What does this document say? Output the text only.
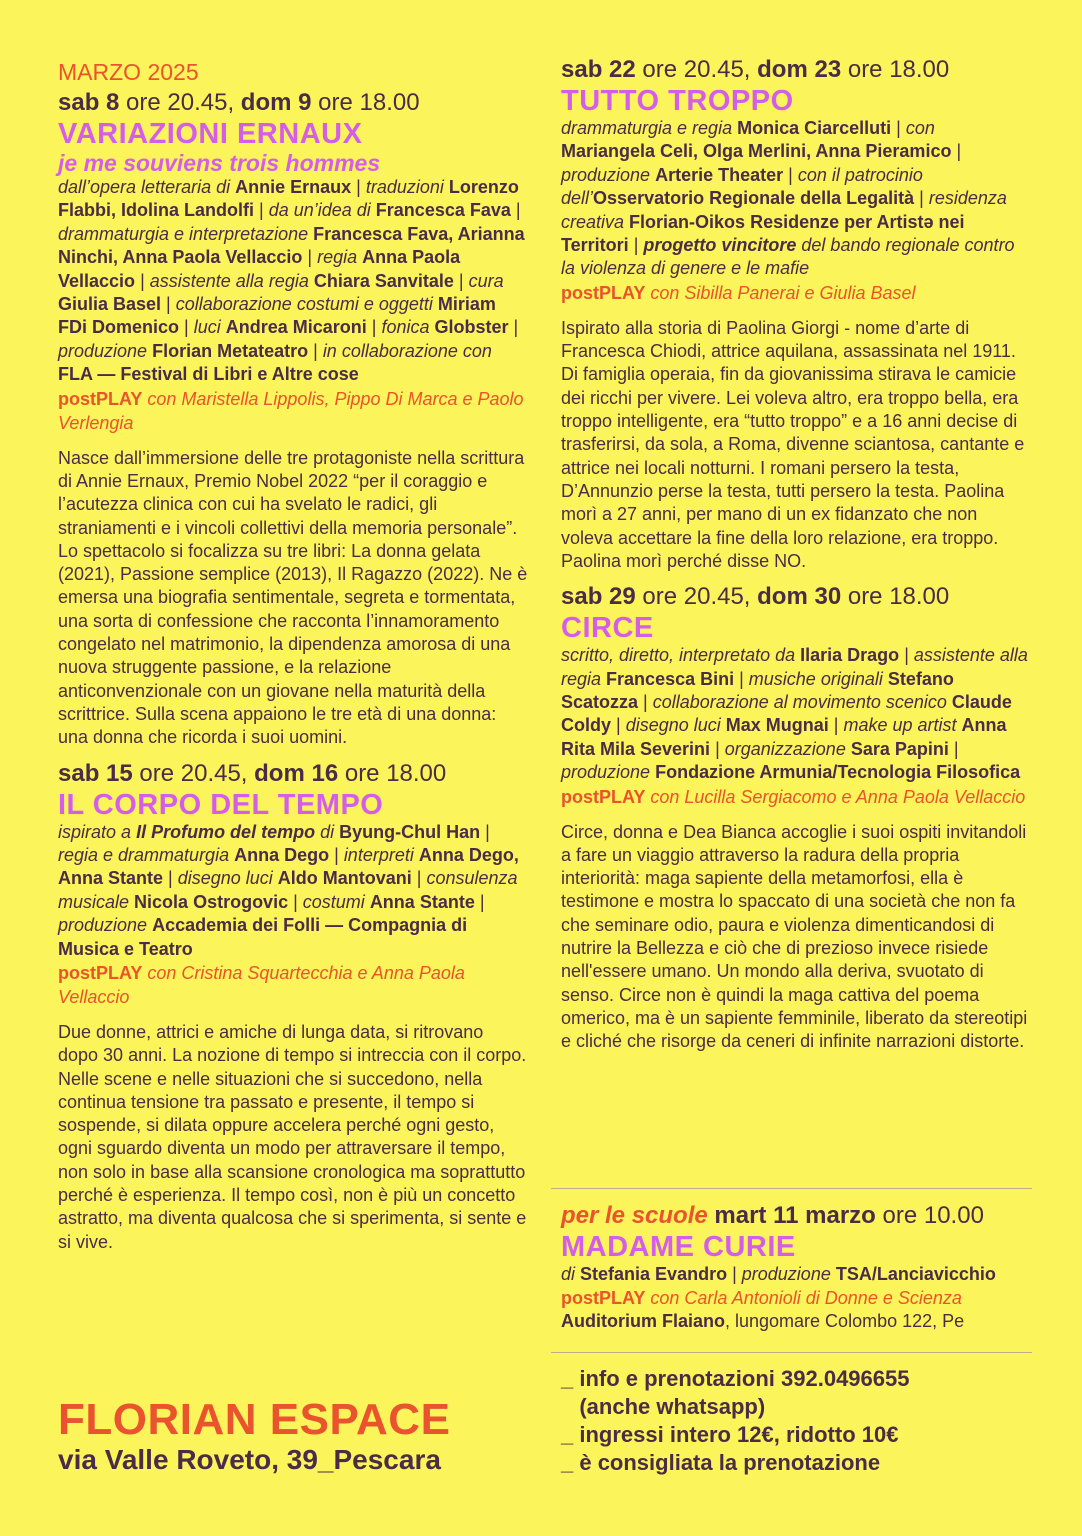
MARZO 2025
sab 8 ore 20.45, dom 9 ore 18.00
VARIAZIONI ERNAUX
je me souviens trois hommes
dall’opera letteraria di Annie Ernaux | traduzioni Lorenzo Flabbi, Idolina Landolfi | da un’idea di Francesca Fava | drammaturgia e interpretazione Francesca Fava, Arianna Ninchi, Anna Paola Vellaccio | regia Anna Paola Vellaccio | assistente alla regia Chiara Sanvitale | cura Giulia Basel | collaborazione costumi e oggetti Miriam FDi Domenico | luci Andrea Micaroni | fonica Globster | produzione Florian Metateatro | in collaborazione con FLA — Festival di Libri e Altre cose
postPLAY con Maristella Lippolis, Pippo Di Marca e Paolo Verlengia
Nasce dall’immersione delle tre protagoniste nella scrittura di Annie Ernaux, Premio Nobel 2022 “per il coraggio e l’acutezza clinica con cui ha svelato le radici, gli straniamenti e i vincoli collettivi della memoria personale”. Lo spettacolo si focalizza su tre libri: La donna gelata (2021), Passione semplice (2013), Il Ragazzo (2022). Ne è emersa una biografia sentimentale, segreta e tormentata, una sorta di confessione che racconta l’innamoramento congelato nel matrimonio, la dipendenza amorosa di una nuova struggente passione, e la relazione anticonvenzionale con un giovane nella maturità della scrittrice. Sulla scena appaiono le tre età di una donna: una donna che ricorda i suoi uomini.
sab 15 ore 20.45, dom 16 ore 18.00
IL CORPO DEL TEMPO
ispirato a Il Profumo del tempo di Byung-Chul Han | regia e drammaturgia Anna Dego | interpreti Anna Dego, Anna Stante | disegno luci Aldo Mantovani | consulenza musicale Nicola Ostrogovic | costumi Anna Stante | produzione Accademia dei Folli — Compagnia di Musica e Teatro
postPLAY con Cristina Squartecchia e Anna Paola Vellaccio
Due donne, attrici e amiche di lunga data, si ritrovano dopo 30 anni. La nozione di tempo si intreccia con il corpo. Nelle scene e nelle situazioni che si succedono, nella continua tensione tra passato e presente, il tempo si sospende, si dilata oppure accelera perché ogni gesto, ogni sguardo diventa un modo per attraversare il tempo, non solo in base alla scansione cronologica ma soprattutto perché è esperienza. Il tempo così, non è più un concetto astratto, ma diventa qualcosa che si sperimenta, si sente e si vive.
sab 22 ore 20.45, dom 23 ore 18.00
TUTTO TROPPO
drammaturgia e regia Monica Ciarcelluti | con Mariangela Celi, Olga Merlini, Anna Pieramico | produzione Arterie Theater | con il patrocinio dell’Osservatorio Regionale della Legalità | residenza creativa Florian-Oikos Residenze per Artistə nei Territori | progetto vincitore del bando regionale contro la violenza di genere e le mafie
postPLAY con Sibilla Panerai e Giulia Basel
Ispirato alla storia di Paolina Giorgi - nome d’arte di Francesca Chiodi, attrice aquilana, assassinata nel 1911. Di famiglia operaia, fin da giovanissima stirava le camicie dei ricchi per vivere. Lei voleva altro, era troppo bella, era troppo intelligente, era “tutto troppo” e a 16 anni decise di trasferirsi, da sola, a Roma, divenne sciantosa, cantante e attrice nei locali notturni. I romani persero la testa, D’Annunzio perse la testa, tutti persero la testa. Paolina morì a 27 anni, per mano di un ex fidanzato che non voleva accettare la fine della loro relazione, era troppo. Paolina morì perché disse NO.
sab 29 ore 20.45, dom 30 ore 18.00
CIRCE
scritto, diretto, interpretato da Ilaria Drago | assistente alla regia Francesca Bini | musiche originali Stefano Scatozza | collaborazione al movimento scenico Claude Coldy | disegno luci Max Mugnai | make up artist Anna Rita Mila Severini | organizzazione Sara Papini | produzione Fondazione Armunia/Tecnologia Filosofica
postPLAY con Lucilla Sergiacomo e Anna Paola Vellaccio
Circe, donna e Dea Bianca accoglie i suoi ospiti invitandoli a fare un viaggio attraverso la radura della propria interiorità: maga sapiente della metamorfosi, ella è testimone e mostra lo spaccato di una società che non fa che seminare odio, paura e violenza dimenticandosi di nutrire la Bellezza e ciò che di prezioso invece risiede nell'essere umano. Un mondo alla deriva, svuotato di senso. Circe non è quindi la maga cattiva del poema omerico, ma è un sapiente femminile, liberato da stereotipi e cliché che risorge da ceneri di infinite narrazioni distorte.
per le scuole mart 11 marzo ore 10.00
MADAME CURIE
di Stefania Evandro | produzione TSA/Lanciavicchio
postPLAY con Carla Antonioli di Donne e Scienza
Auditorium Flaiano, lungomare Colombo 122, Pe
_ info e prenotazioni 392.0496655
(anche whatsapp)
_ ingressi intero 12€, ridotto 10€
_ è consigliata la prenotazione
FLORIAN ESPACE
via Valle Roveto, 39_Pescara
